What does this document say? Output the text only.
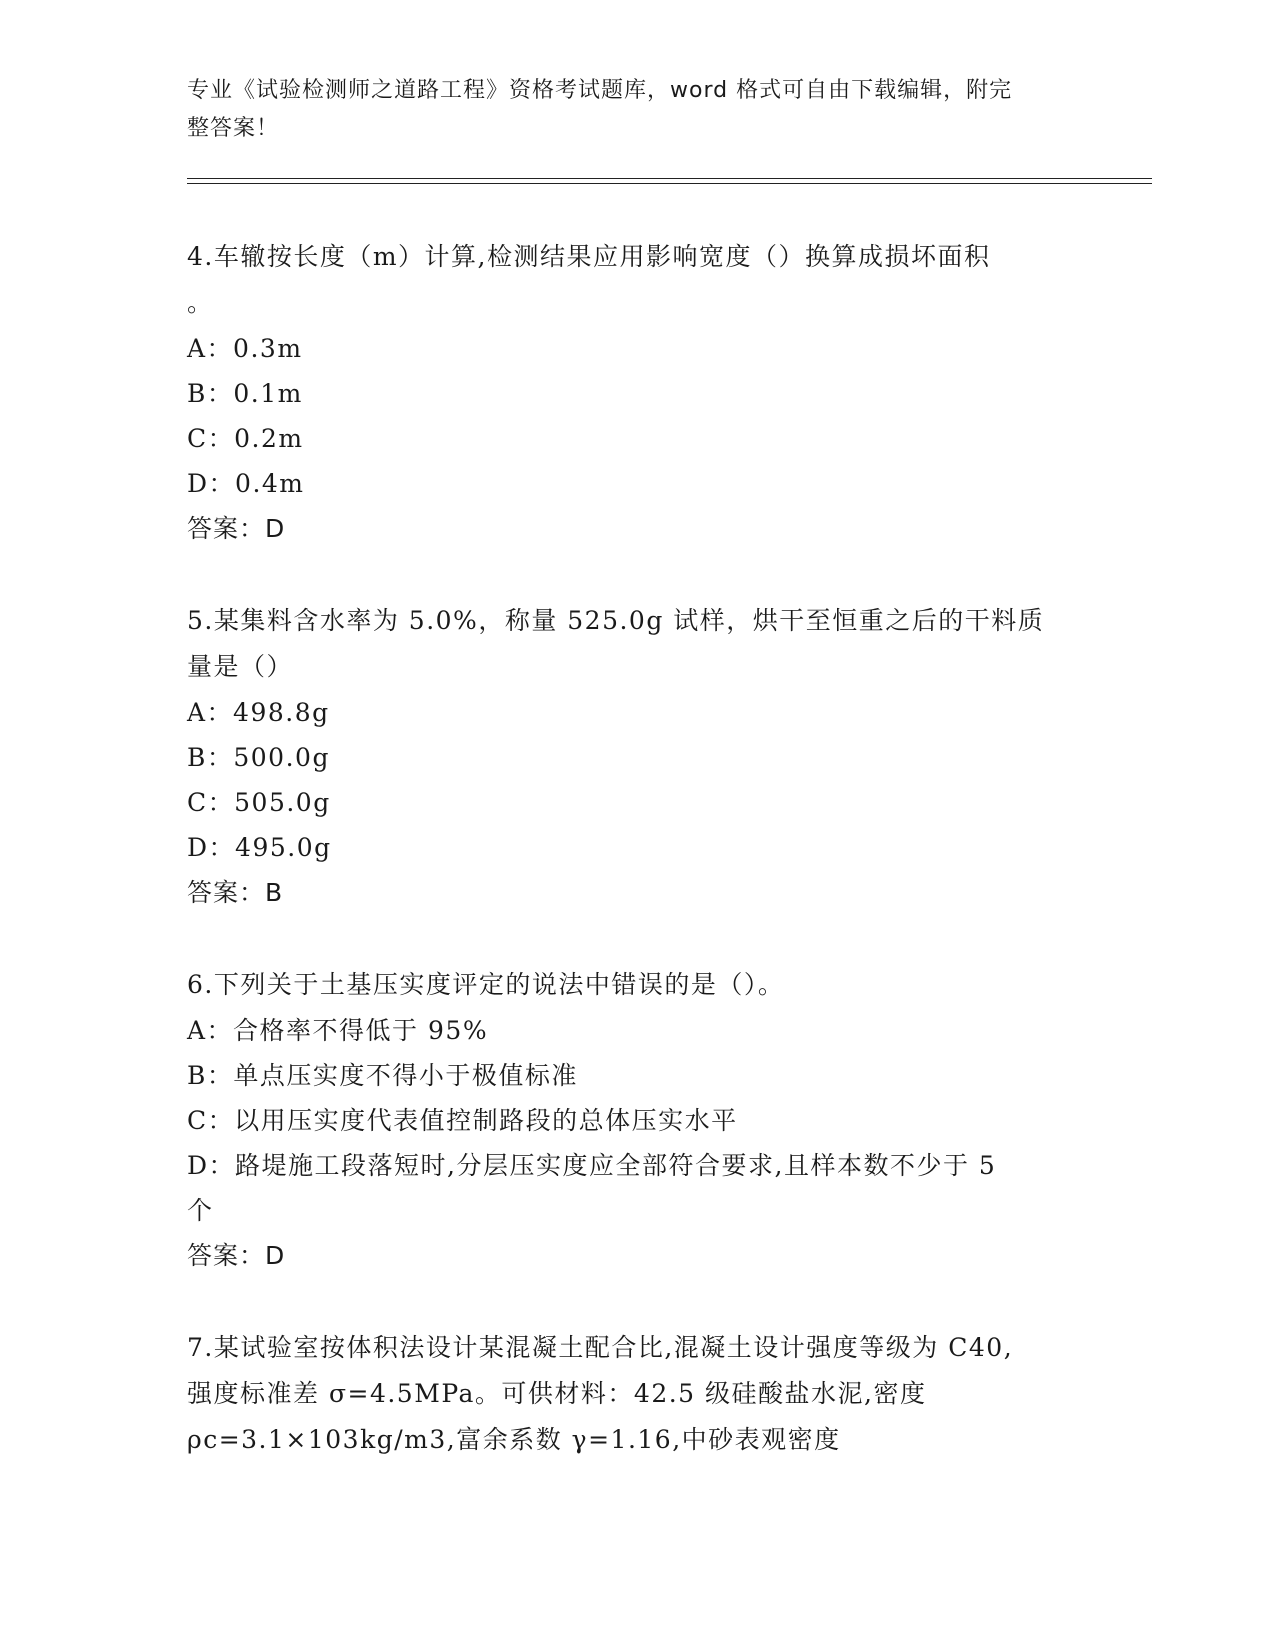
专业《试验检测师之道路工程》资格考试题库，word 格式可自由下载编辑，附完
整答案！

4.车辙按长度（m）计算,检测结果应用影响宽度（）换算成损坏面积

。

A：0.3m

B：0.1m

C：0.2m

D：0.4m

答案：D

5.某集料含水率为 5.0%，称量 525.0g 试样，烘干至恒重之后的干料质

量是（）

A：498.8g

B：500.0g

C：505.0g

D：495.0g

答案：B

6.下列关于土基压实度评定的说法中错误的是（）。

A：合格率不得低于 95%

B：单点压实度不得小于极值标准

C：以用压实度代表值控制路段的总体压实水平

D：路堤施工段落短时,分层压实度应全部符合要求,且样本数不少于 5

个

答案：D

7.某试验室按体积法设计某混凝土配合比,混凝土设计强度等级为 C40,

强度标准差 σ=4.5MPa。可供材料：42.5 级硅酸盐水泥,密度

ρc=3.1×103kg/m3,富余系数 γ=1.16,中砂表观密度
